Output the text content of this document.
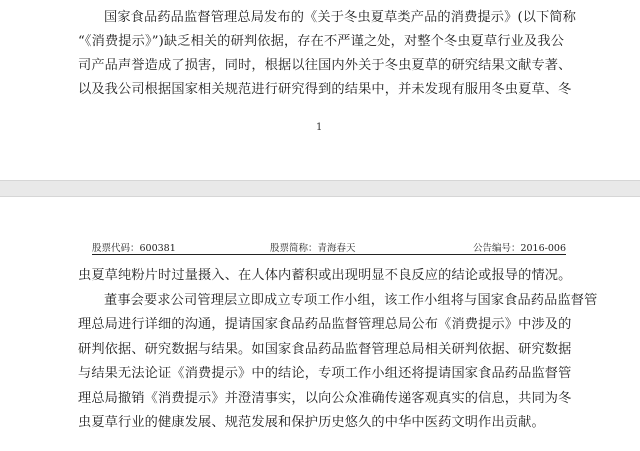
国家食品药品监督管理总局发布的《关于冬虫夏草类产品的消费提示》(以下简称
“《消费提示》”)缺乏相关的研判依据，存在不严谨之处，对整个冬虫夏草行业及我公
司产品声誉造成了损害，同时，根据以往国内外关于冬虫夏草的研究结果文献专著、
以及我公司根据国家相关规范进行研究得到的结果中，并未发现有服用冬虫夏草、冬

1
股票代码：600381	股票简称：青海春天	公告编号：2016-006

虫夏草纯粉片时过量摄入、在人体内蓄积或出现明显不良反应的结论或报导的情况。
董事会要求公司管理层立即成立专项工作小组，该工作小组将与国家食品药品监督管
理总局进行详细的沟通，提请国家食品药品监督管理总局公布《消费提示》中涉及的
研判依据、研究数据与结果。如国家食品药品监督管理总局相关研判依据、研究数据
与结果无法论证《消费提示》中的结论，专项工作小组还将提请国家食品药品监督管
理总局撤销《消费提示》并澄清事实，以向公众准确传递客观真实的信息，共同为冬
虫夏草行业的健康发展、规范发展和保护历史悠久的中华中医药文明作出贡献。
